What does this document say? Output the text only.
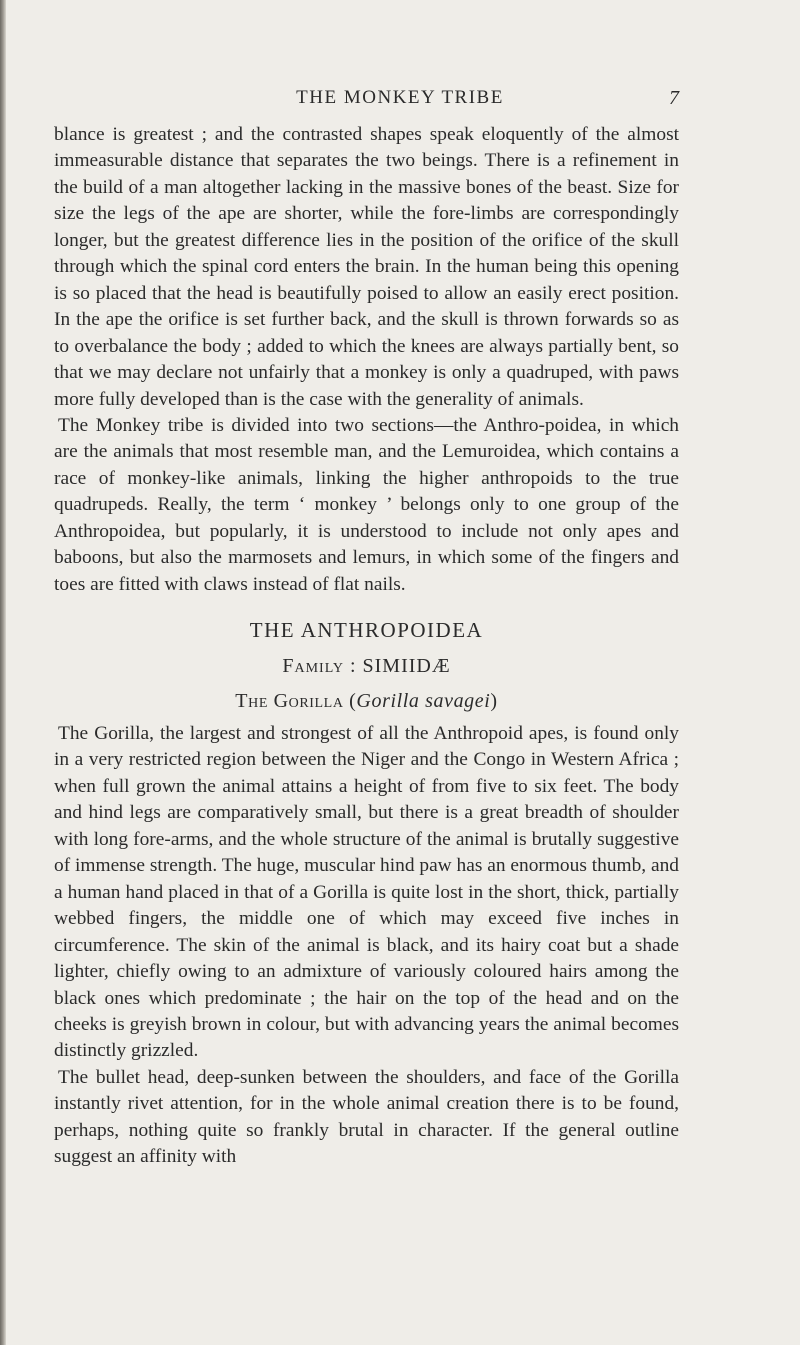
THE MONKEY TRIBE	7

blance is greatest ; and the contrasted shapes speak eloquently of the almost immeasurable distance that separates the two beings. There is a refinement in the build of a man altogether lacking in the massive bones of the beast. Size for size the legs of the ape are shorter, while the fore-limbs are correspondingly longer, but the greatest difference lies in the position of the orifice of the skull through which the spinal cord enters the brain. In the human being this opening is so placed that the head is beautifully poised to allow an easily erect position. In the ape the orifice is set further back, and the skull is thrown forwards so as to overbalance the body ; added to which the knees are always partially bent, so that we may declare not unfairly that a monkey is only a quadruped, with paws more fully developed than is the case with the generality of animals.

The Monkey tribe is divided into two sections—the Anthro-poidea, in which are the animals that most resemble man, and the Lemuroidea, which contains a race of monkey-like animals, linking the higher anthropoids to the true quadrupeds. Really, the term ‘ monkey ’ belongs only to one group of the Anthropoidea, but popularly, it is understood to include not only apes and baboons, but also the marmosets and lemurs, in which some of the fingers and toes are fitted with claws instead of flat nails.

THE ANTHROPOIDEA
Family : SIMIIDÆ
The Gorilla (Gorilla savagei)

The Gorilla, the largest and strongest of all the Anthropoid apes, is found only in a very restricted region between the Niger and the Congo in Western Africa ; when full grown the animal attains a height of from five to six feet. The body and hind legs are comparatively small, but there is a great breadth of shoulder with long fore-arms, and the whole structure of the animal is brutally suggestive of immense strength. The huge, muscular hind paw has an enormous thumb, and a human hand placed in that of a Gorilla is quite lost in the short, thick, partially webbed fingers, the middle one of which may exceed five inches in circumference. The skin of the animal is black, and its hairy coat but a shade lighter, chiefly owing to an admixture of variously coloured hairs among the black ones which predominate ; the hair on the top of the head and on the cheeks is greyish brown in colour, but with advancing years the animal becomes distinctly grizzled.

The bullet head, deep-sunken between the shoulders, and face of the Gorilla instantly rivet attention, for in the whole animal creation there is to be found, perhaps, nothing quite so frankly brutal in character. If the general outline suggest an affinity with
